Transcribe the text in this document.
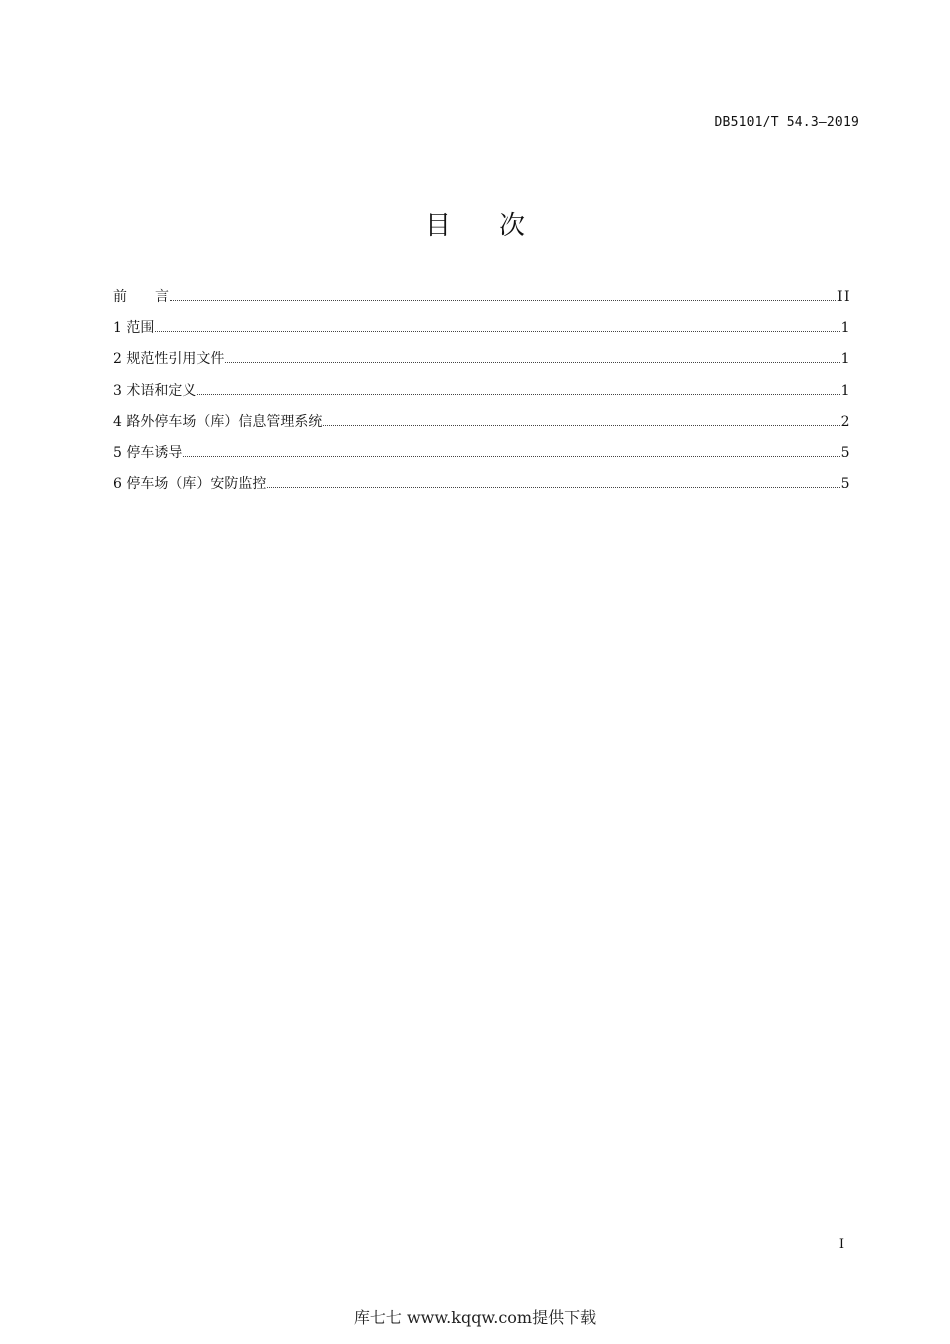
DB5101/T 54.3—2019
目次
前　　言	II
1 范围	1
2 规范性引用文件	1
3 术语和定义	1
4 路外停车场（库）信息管理系统	2
5 停车诱导	5
6 停车场（库）安防监控	5
I
库七七 www.kqqw.com提供下载
